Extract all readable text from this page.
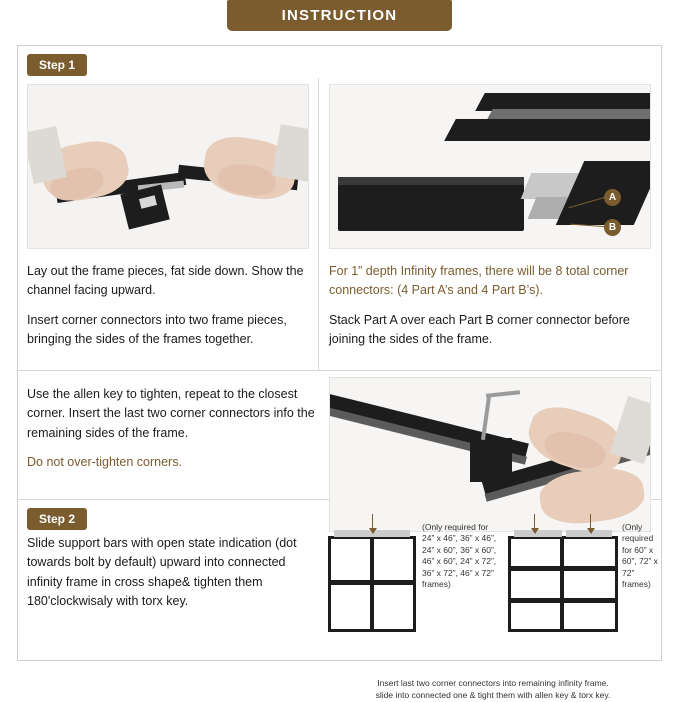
INSTRUCTION
Step 1

Lay out the frame pieces, fat side down. Show the channel facing upward.

Insert corner connectors into two frame pieces, bringing the sides of the frames together.

A
B

For 1” depth Infinity frames, there will be 8 total corner connectors: (4 Part A’s and 4 Part B’s).

Stack Part A over each Part B corner connector before joining the sides of the frame.

Use the allen key to tighten, repeat to the closest corner. Insert the last two corner connectors info the remaining sides of the frame.

Do not over-tighten corners.

Step 2

Slide support bars with open state indication (dot towards bolt by default) upward into connected infinity frame in cross shape& tighten them 180'clockwisaly with torx key.

(Only required for 24” x 46”, 36” x 46”, 24” x 60”, 36” x 60”, 46” x 60”, 24” x 72”, 36” x 72”, 46” x 72” frames)
(Only required for 60” x 60”, 72” x 72” frames)
Insert last two corner connectors into remaining infinity frame.
slide into connected one & tight them with allen key & torx key.
